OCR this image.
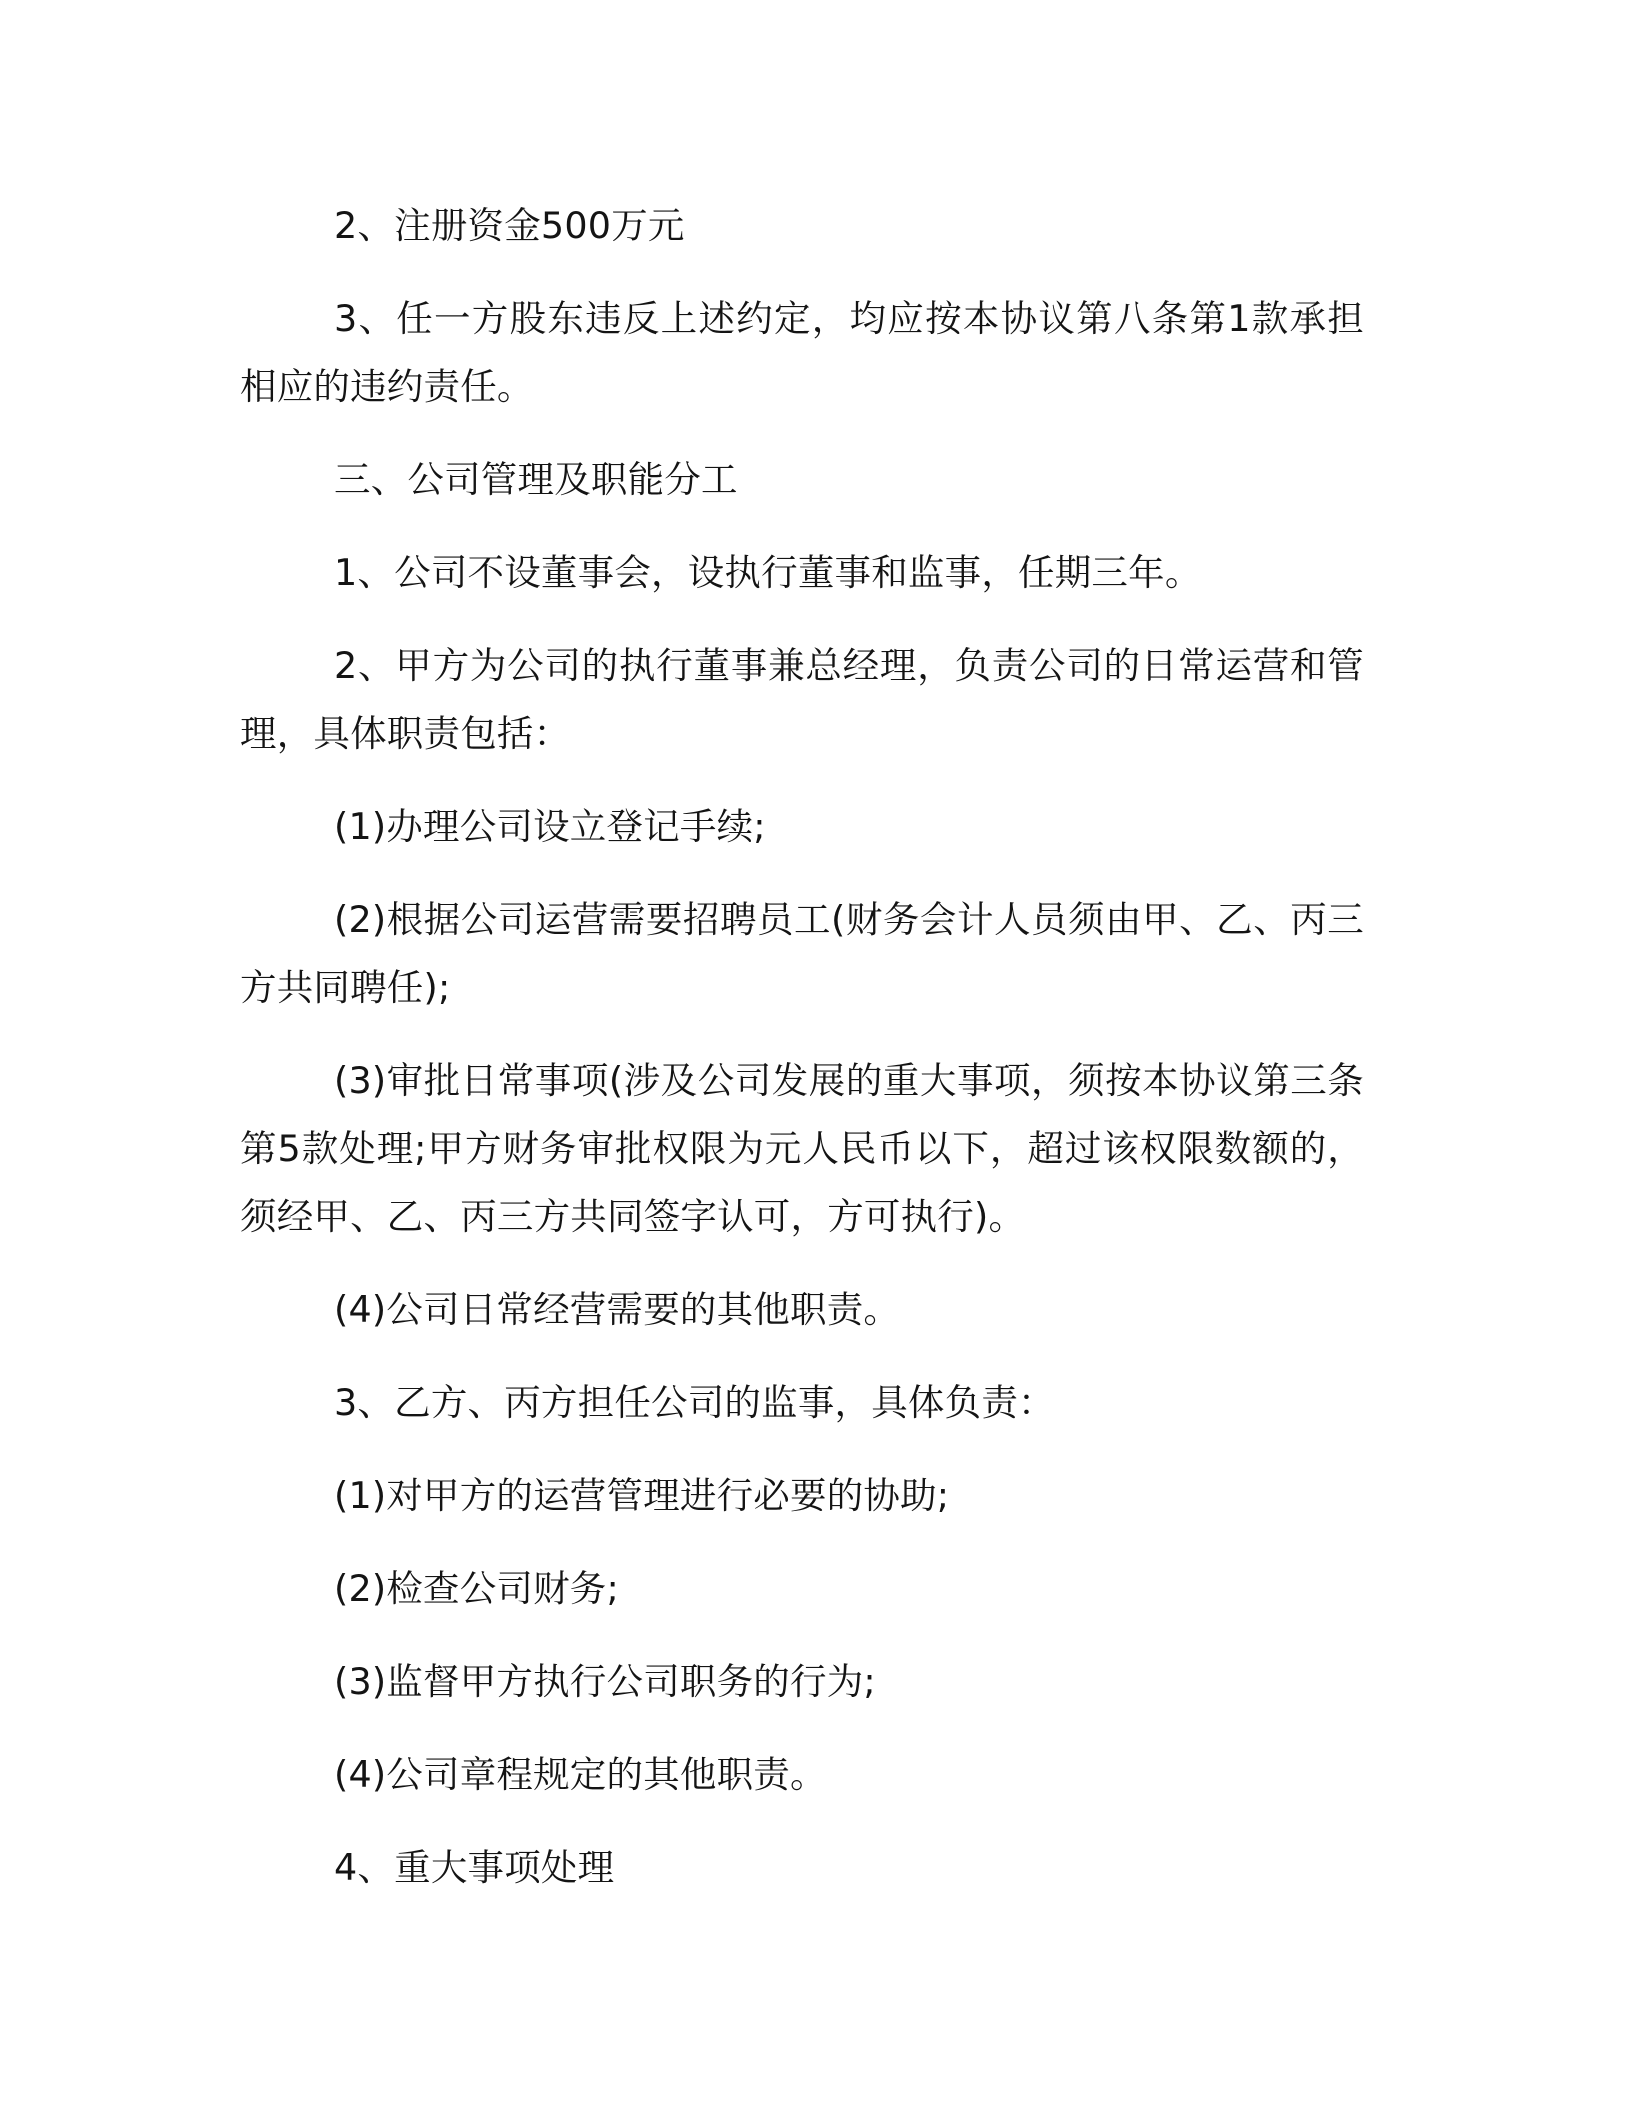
2、注册资金500万元

3、任一方股东违反上述约定，均应按本协议第八条第1款承担相应的违约责任。

三、公司管理及职能分工

1、公司不设董事会，设执行董事和监事，任期三年。

2、甲方为公司的执行董事兼总经理，负责公司的日常运营和管理，具体职责包括：

(1)办理公司设立登记手续;

(2)根据公司运营需要招聘员工(财务会计人员须由甲、乙、丙三方共同聘任);

(3)审批日常事项(涉及公司发展的重大事项，须按本协议第三条第5款处理;甲方财务审批权限为元人民币以下，超过该权限数额的，须经甲、乙、丙三方共同签字认可，方可执行)。

(4)公司日常经营需要的其他职责。

3、乙方、丙方担任公司的监事，具体负责：

(1)对甲方的运营管理进行必要的协助;

(2)检查公司财务;

(3)监督甲方执行公司职务的行为;

(4)公司章程规定的其他职责。

4、重大事项处理
